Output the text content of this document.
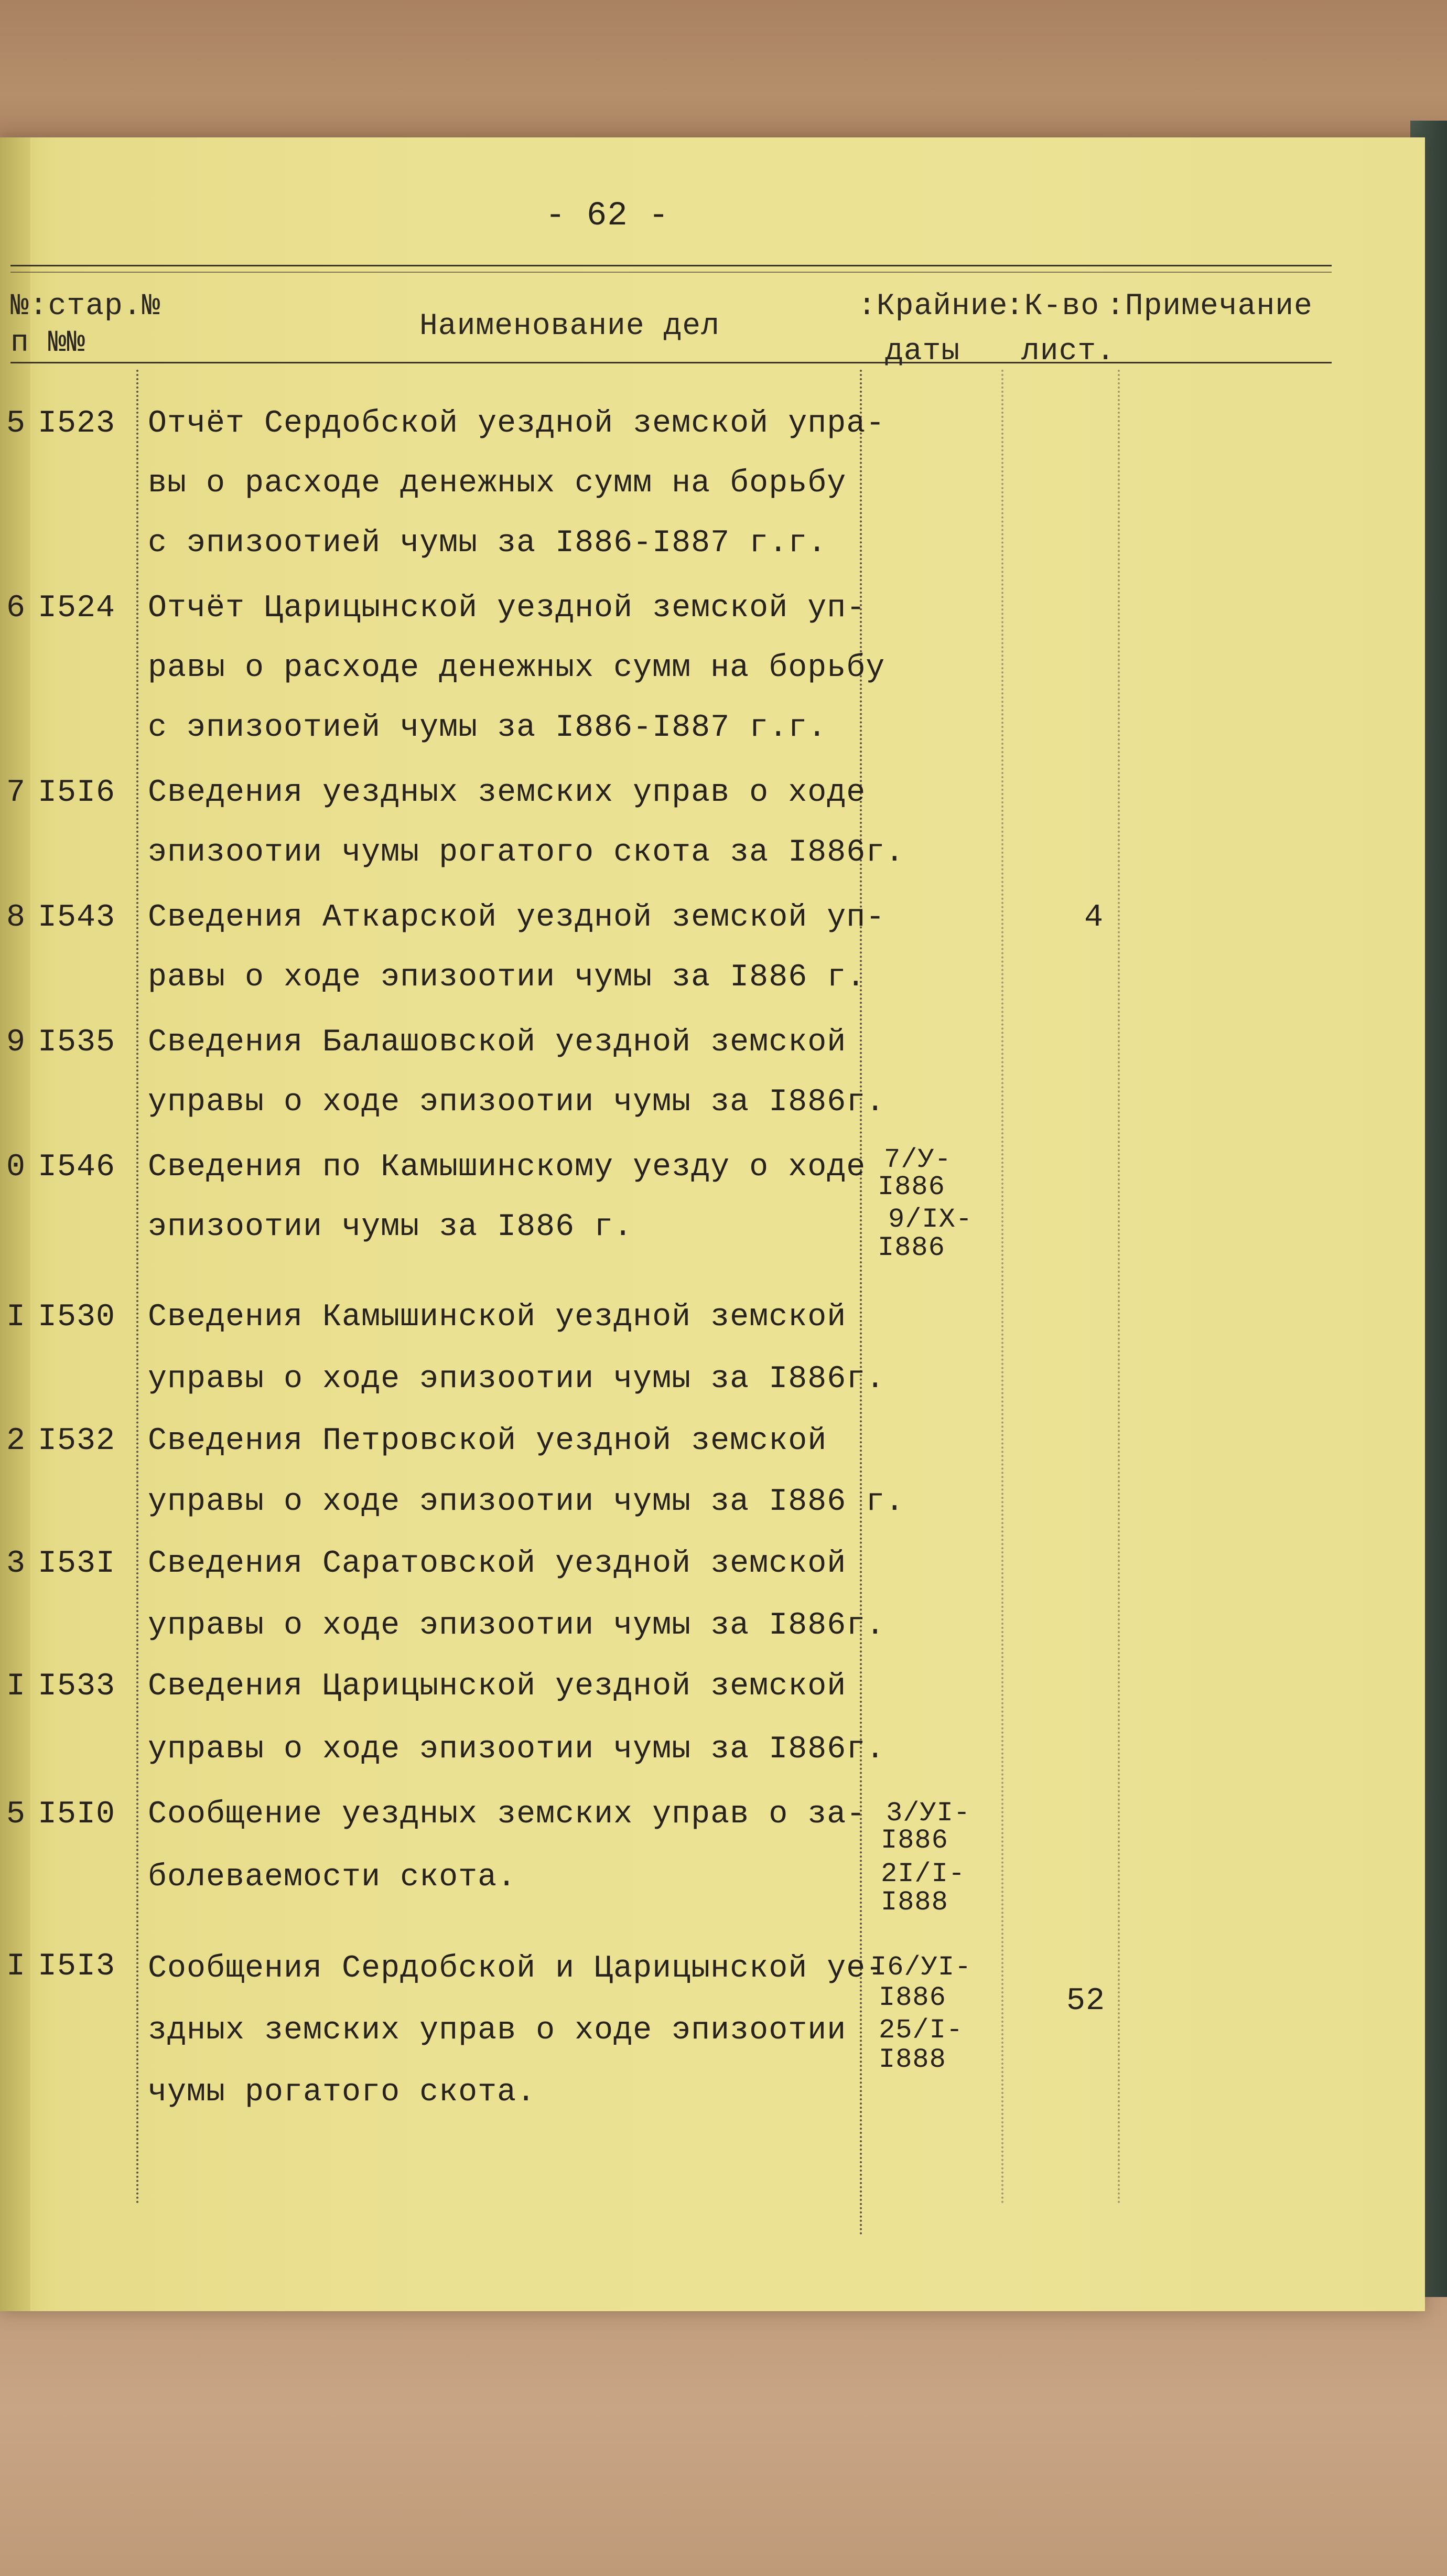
- 62 -
№:стар.№
п №№	Наименование дел
:Крайние
даты
:К-во
лист.
:Примечание
5 I523 Отчёт Сердобской уездной земской упра-
вы о расходе денежных сумм на борьбу
с эпизоотией чумы за I886-I887 г.г.
6 I524 Отчёт Царицынской уездной земской уп-
равы о расходе денежных сумм на борьбу
с эпизоотией чумы за I886-I887 г.г.
7 I5I6 Сведения уездных земских управ о ходе
эпизоотии чумы рогатого скота за I886г.
8 I543 Сведения Аткарской уездной земской уп-
равы о ходе эпизоотии чумы за I886 г.
4
9 I535 Сведения Балашовской уездной земской
управы о ходе эпизоотии чумы за I886г.
0 I546 Сведения по Камышинскому уезду о ходе
эпизоотии чумы за I886 г.
7/У-
I886
9/IX-
I886
I I530 Сведения Камышинской уездной земской
управы о ходе эпизоотии чумы за I886г.
2 I532 Сведения Петровской уездной земской
управы о ходе эпизоотии чумы за I886 г.
3 I53I Сведения Саратовской уездной земской
управы о ходе эпизоотии чумы за I886г.
I I533 Сведения Царицынской уездной земской
управы о ходе эпизоотии чумы за I886г.
5 I5I0 Сообщение уездных земских управ о за-
болеваемости скота.
3/УI-
I886
2I/I-
I888
I I5I3 Сообщения Сердобской и Царицынской уе-
здных земских управ о ходе эпизоотии
чумы рогатого скота.
I6/УI-
I886
25/I-
I888
52
